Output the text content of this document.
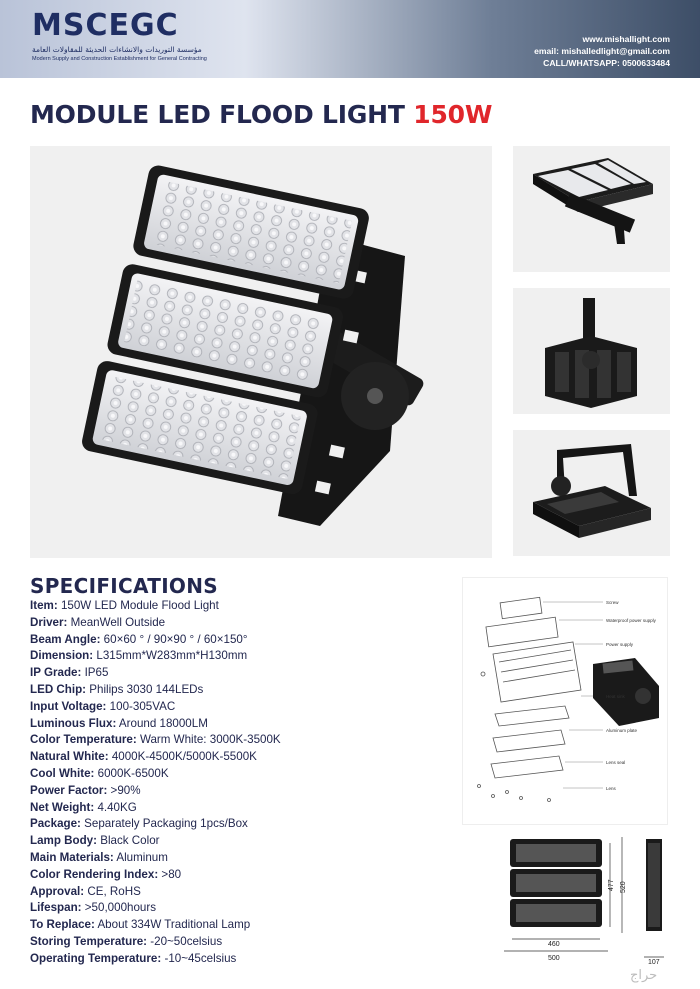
MSCEGC
مؤسسة التوريدات والانشاءات الحديثة للمقاولات العامة
Modern Supply and Construction Establishment for General Contracting
www.mishallight.com
email: mishalledlight@gmail.com
CALL/WHATSAPP: 0500633484
MODULE LED FLOOD LIGHT 150W
SPECIFICATIONS
Item: 150W LED Module Flood Light
Driver: MeanWell Outside
Beam Angle: 60×60 ° / 90×90 ° / 60×150°
Dimension: L315mm*W283mm*H130mm
IP Grade: IP65
LED Chip: Philips 3030 144LEDs
Input Voltage: 100-305VAC
Luminous Flux: Around 18000LM
Color Temperature: Warm White: 3000K-3500K
Natural White: 4000K-4500K/5000K-5500K
Cool White: 6000K-6500K
Power Factor: >90%
Net Weight: 4.40KG
Package: Separately Packaging 1pcs/Box
Lamp Body: Black Color
Main Materials: Aluminum
Color Rendering Index: >80
Approval: CE, RoHS
Lifespan: >50,000hours
To Replace: About 334W Traditional Lamp
Storing Temperature: -20~50celsius
Operating Temperature: -10~45celsius
Screw
Waterproof power supply
Power supply
Heat sink
Aluminum plate
Lens seal
Lens
477 520
460
500
107
حراج
